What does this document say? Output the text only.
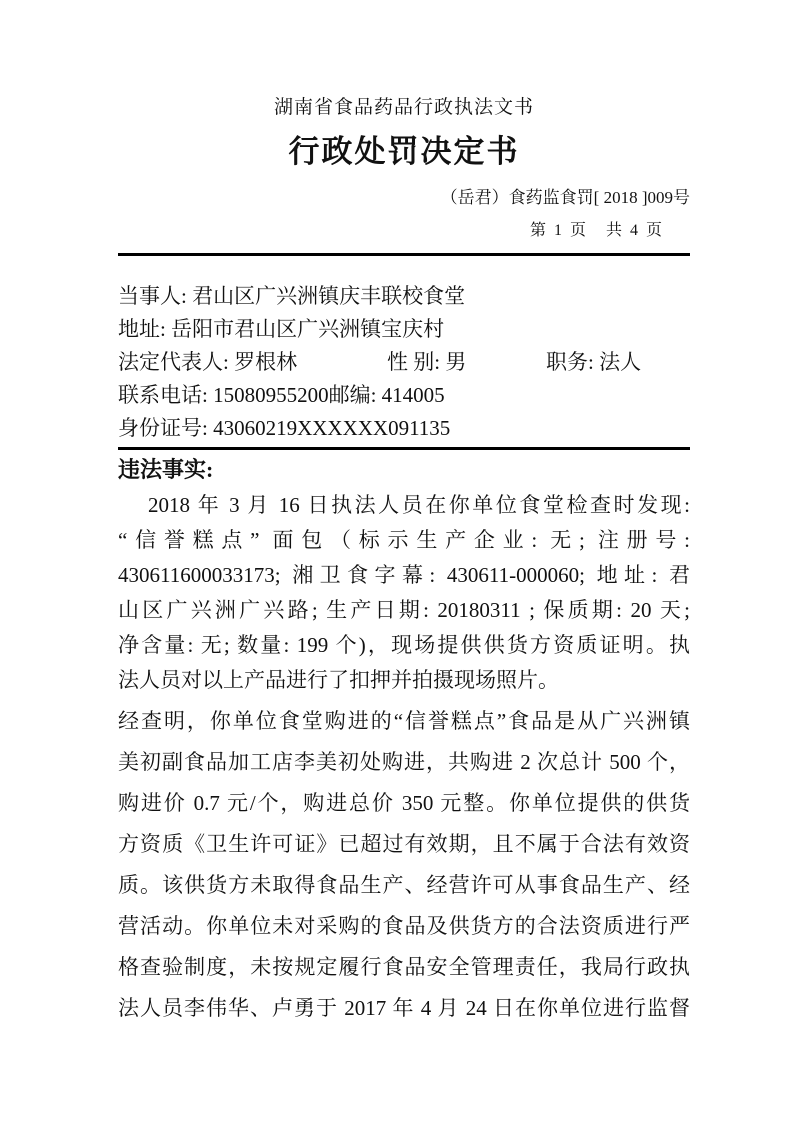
湖南省食品药品行政执法文书
行政处罚决定书
（岳君）食药监食罚[ 2018 ]009号
第 1 页　共 4 页
当事人: 君山区广兴洲镇庆丰联校食堂
地址: 岳阳市君山区广兴洲镇宝庆村
法定代表人: 罗根林	性 别: 男	职务: 法人
联系电话: 15080955200邮编: 414005
身份证号: 43060219XXXXXX091135
违法事实:
2018 年 3 月 16 日执法人员在你单位食堂检查时发现:
“信誉糕点” 面包（标示生产企业: 无; 注册号:
430611600033173; 湘卫食字幕: 430611-000060; 地址: 君
山区广兴洲广兴路; 生产日期: 20180311 ; 保质期: 20 天;
净含量: 无; 数量: 199 个)，现场提供供货方资质证明。执
法人员对以上产品进行了扣押并拍摄现场照片。
经查明，你单位食堂购进的“信誉糕点”食品是从广兴洲镇
美初副食品加工店李美初处购进，共购进 2 次总计 500 个，
购进价 0.7 元/个，购进总价 350 元整。你单位提供的供货
方资质《卫生许可证》已超过有效期，且不属于合法有效资
质。该供货方未取得食品生产、经营许可从事食品生产、经
营活动。你单位未对采购的食品及供货方的合法资质进行严
格查验制度，未按规定履行食品安全管理责任，我局行政执
法人员李伟华、卢勇于 2017 年 4 月 24 日在你单位进行监督
